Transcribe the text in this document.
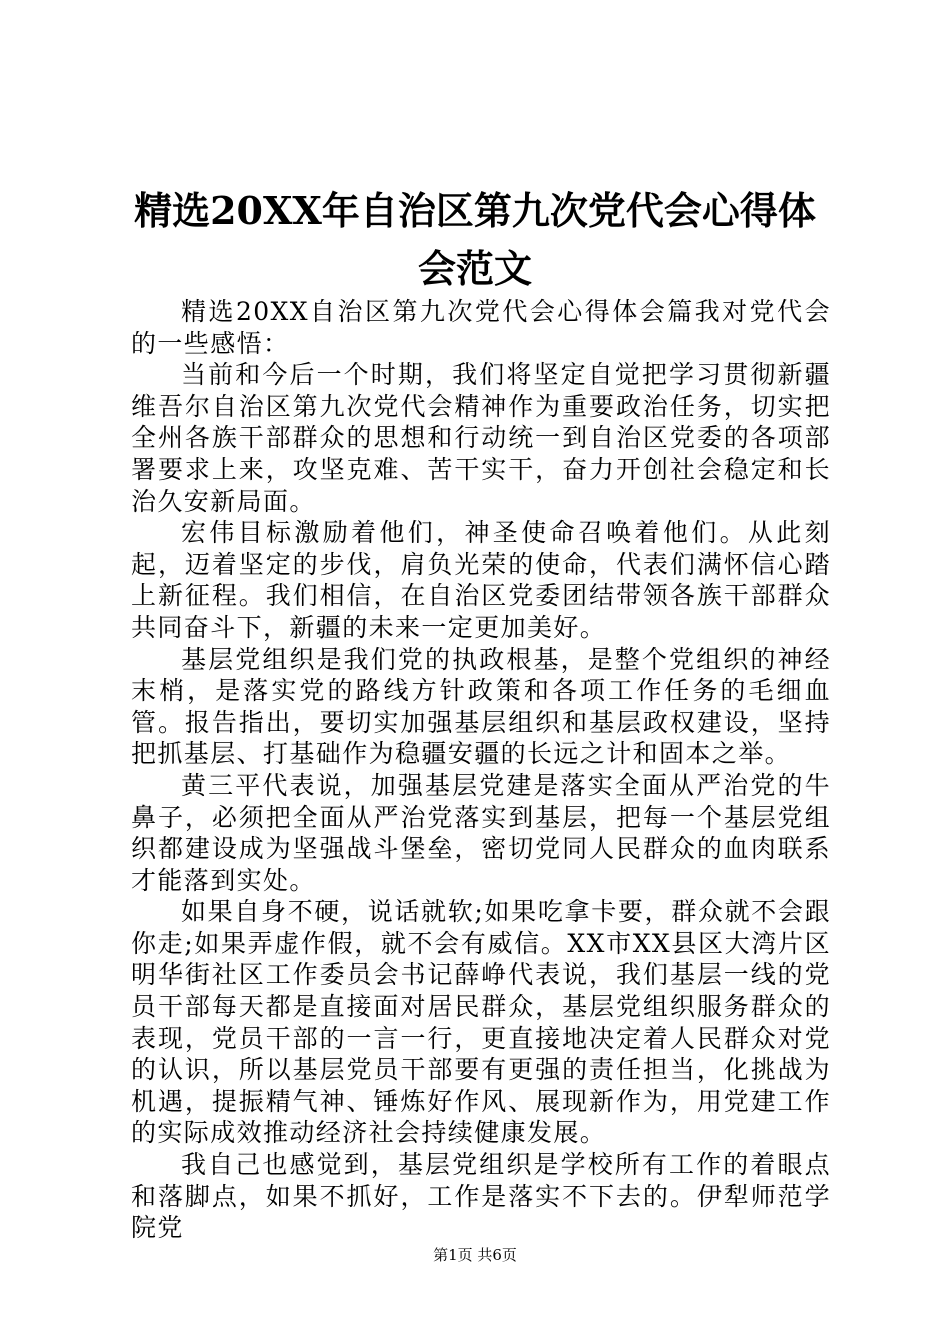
精选20XX年自治区第九次党代会心得体会范文

精选20XX自治区第九次党代会心得体会篇我对党代会的一些感悟：

当前和今后一个时期，我们将坚定自觉把学习贯彻新疆维吾尔自治区第九次党代会精神作为重要政治任务，切实把全州各族干部群众的思想和行动统一到自治区党委的各项部署要求上来，攻坚克难、苦干实干，奋力开创社会稳定和长治久安新局面。

宏伟目标激励着他们，神圣使命召唤着他们。从此刻起，迈着坚定的步伐，肩负光荣的使命，代表们满怀信心踏上新征程。我们相信，在自治区党委团结带领各族干部群众共同奋斗下，新疆的未来一定更加美好。

基层党组织是我们党的执政根基，是整个党组织的神经末梢，是落实党的路线方针政策和各项工作任务的毛细血管。报告指出，要切实加强基层组织和基层政权建设，坚持把抓基层、打基础作为稳疆安疆的长远之计和固本之举。

黄三平代表说，加强基层党建是落实全面从严治党的牛鼻子，必须把全面从严治党落实到基层，把每一个基层党组织都建设成为坚强战斗堡垒，密切党同人民群众的血肉联系才能落到实处。

如果自身不硬，说话就软;如果吃拿卡要，群众就不会跟你走;如果弄虚作假，就不会有威信。XX市XX县区大湾片区明华街社区工作委员会书记薛峥代表说，我们基层一线的党员干部每天都是直接面对居民群众，基层党组织服务群众的表现，党员干部的一言一行，更直接地决定着人民群众对党的认识，所以基层党员干部要有更强的责任担当，化挑战为机遇，提振精气神、锤炼好作风、展现新作为，用党建工作的实际成效推动经济社会持续健康发展。

我自己也感觉到，基层党组织是学校所有工作的着眼点和落脚点，如果不抓好，工作是落实不下去的。伊犁师范学院党

第1页 共6页
